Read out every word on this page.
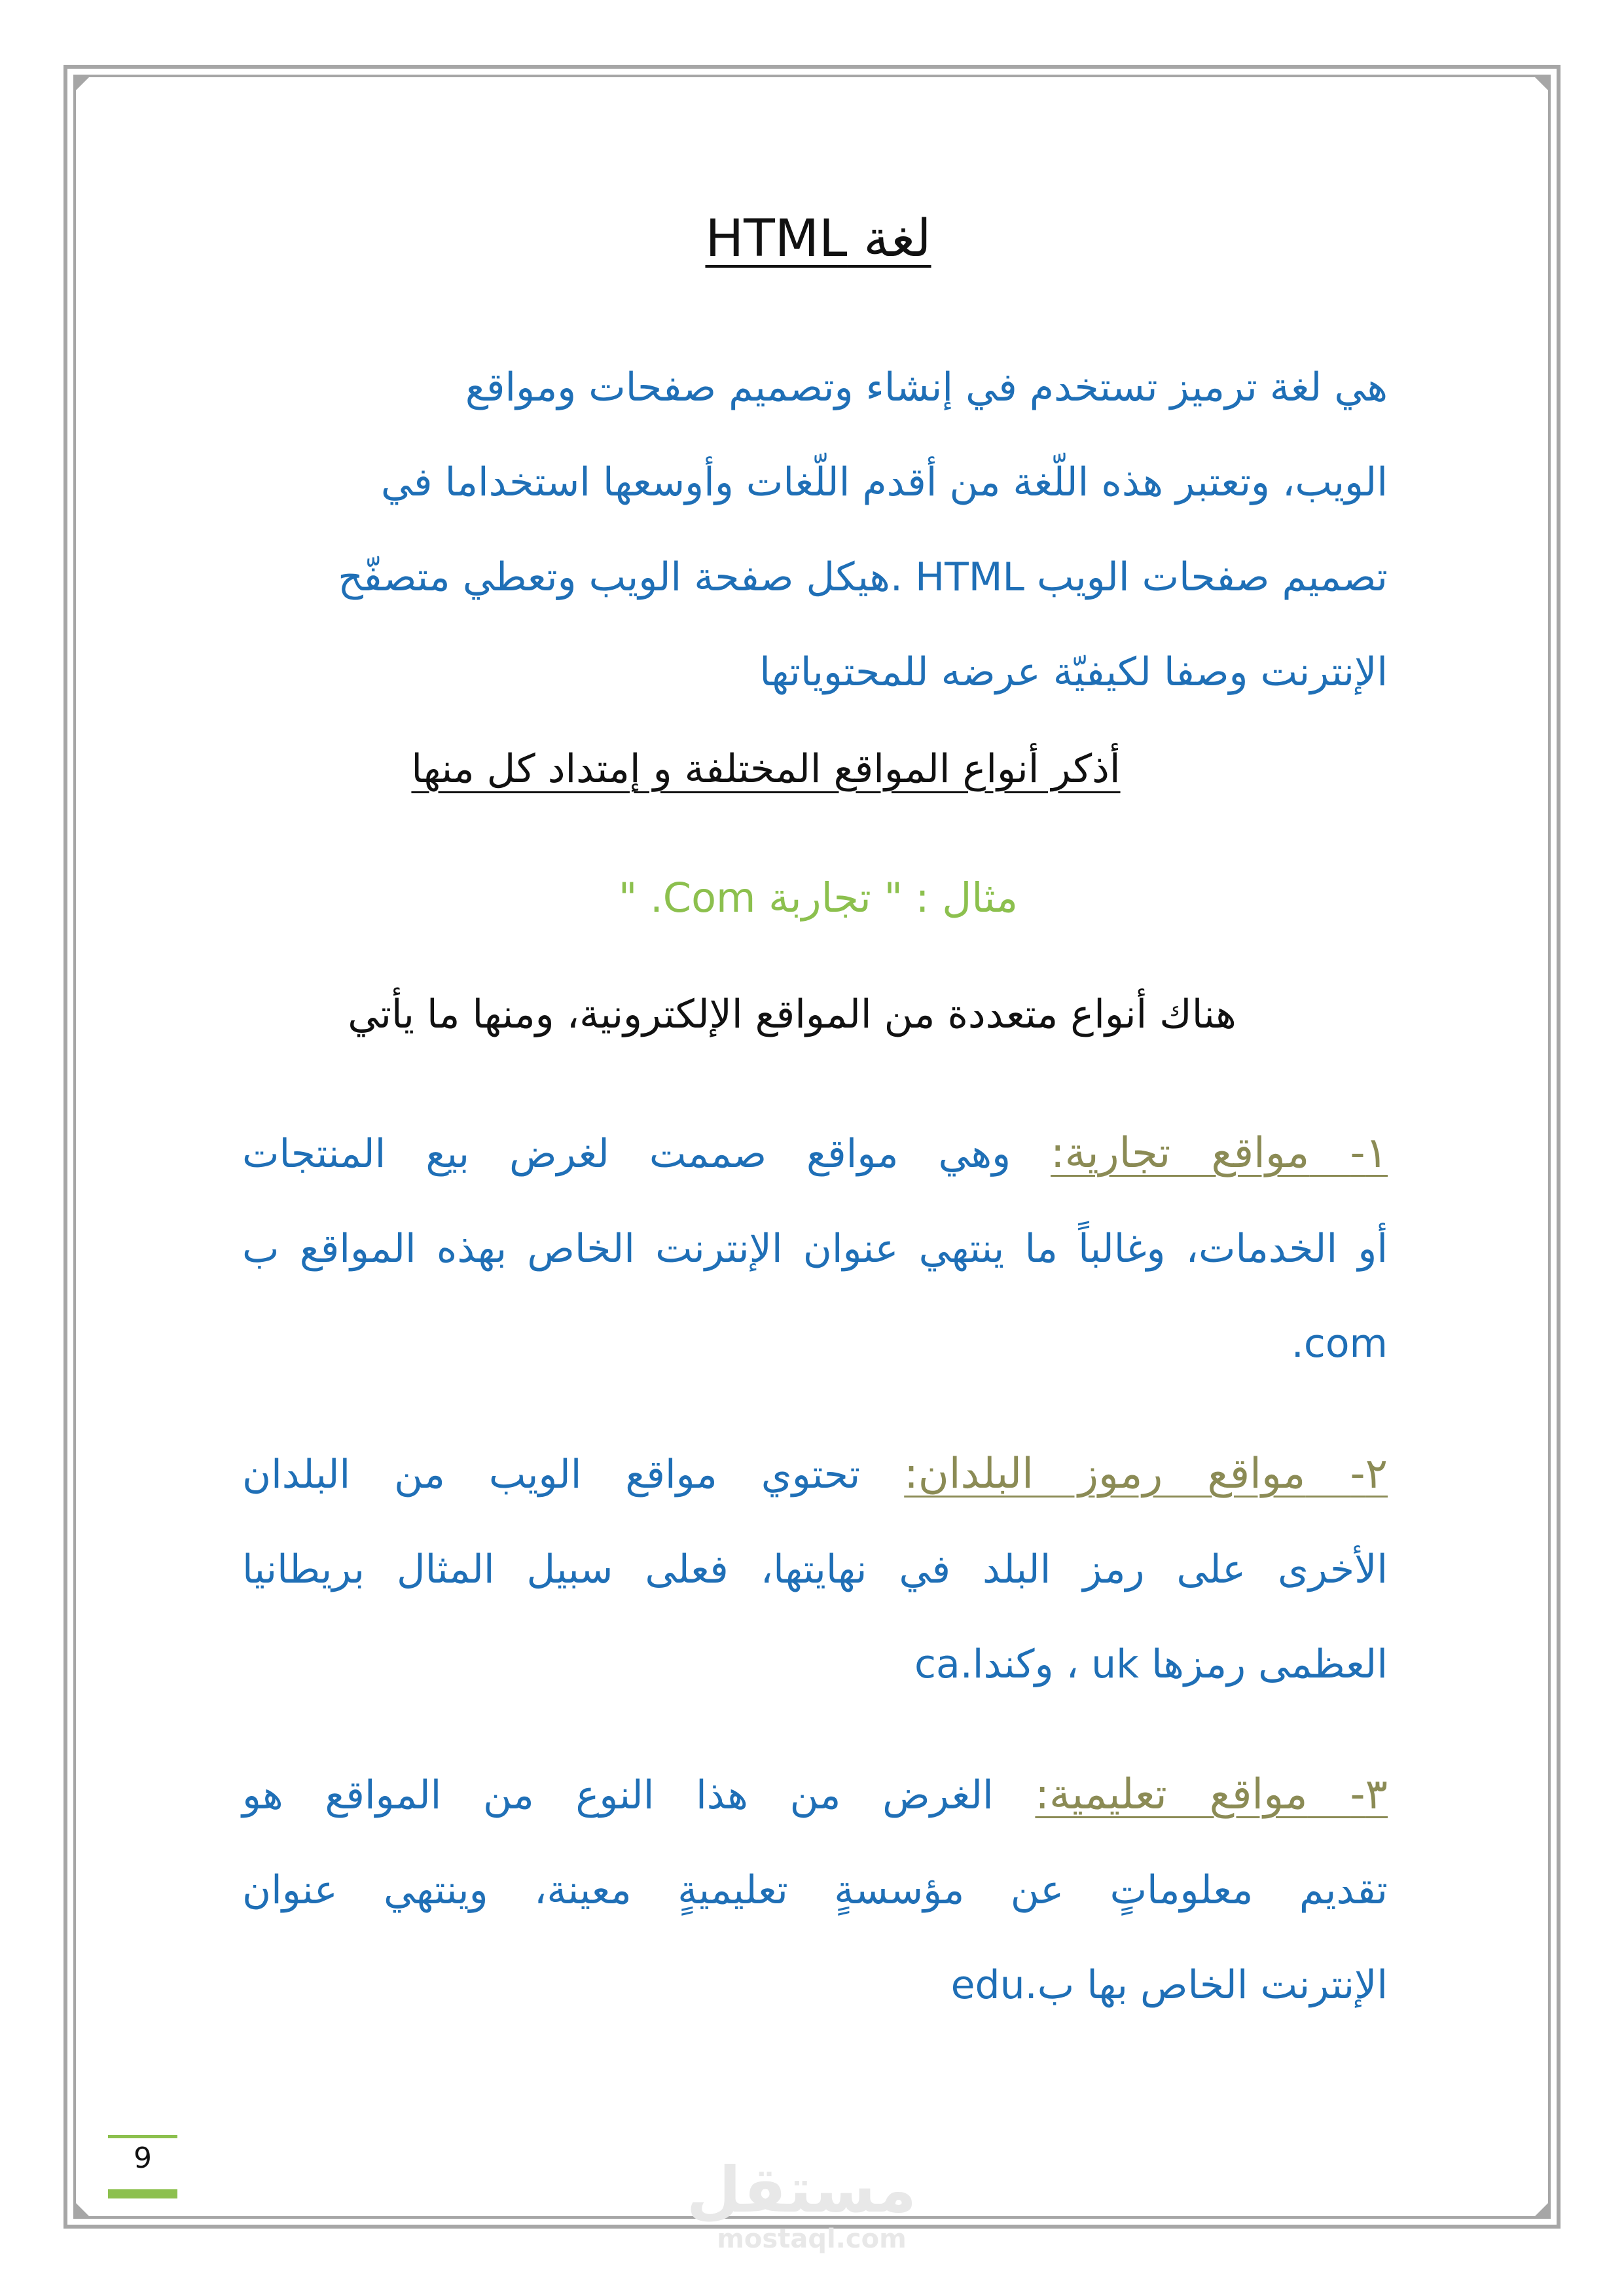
لغة HTML
هي لغة ترميز تستخدم في إنشاء وتصميم صفحات ومواقع
الويب، وتعتبر هذه اللّغة من أقدم اللّغات وأوسعها استخداما في
تصميم صفحات الويب HTML .هيكل صفحة الويب وتعطي متصفّح
الإنترنت وصفا لكيفيّة عرضه للمحتوياتها
أذكر أنواع المواقع المختلفة و إمتداد كل منها
مثال : " تجاربة Com. "
هناك أنواع متعددة من المواقع الإلكترونية، ومنها ما يأتي
١- مواقع تجارية: وهي مواقع صممت لغرض بيع المنتجات
أو الخدمات، وغالباً ما ينتهي عنوان الإنترنت الخاص بهذه المواقع ب
com.
٢- مواقع رموز البلدان: تحتوي مواقع الويب من البلدان
الأخرى على رمز البلد في نهايتها، فعلى سبيل المثال بريطانيا
العظمى رمزها uk ، وكندا.ca
٣- مواقع تعليمية: الغرض من هذا النوع من المواقع هو
تقديم معلوماتٍ عن مؤسسةٍ تعليميةٍ معينة، وينتهي عنوان
الإنترنت الخاص بها ب.edu
9	مستقل
mostaql.com
